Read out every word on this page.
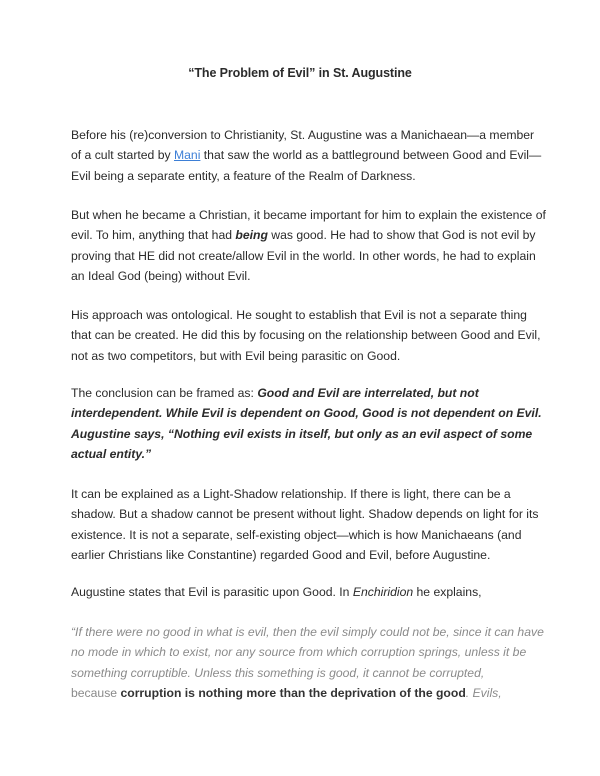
“The Problem of Evil” in St. Augustine

Before his (re)conversion to Christianity, St. Augustine was a Manichaean—a member
of a cult started by Mani that saw the world as a battleground between Good and Evil—
Evil being a separate entity, a feature of the Realm of Darkness.

But when he became a Christian, it became important for him to explain the existence of
evil. To him, anything that had being was good. He had to show that God is not evil by
proving that HE did not create/allow Evil in the world. In other words, he had to explain
an Ideal God (being) without Evil.

His approach was ontological. He sought to establish that Evil is not a separate thing
that can be created. He did this by focusing on the relationship between Good and Evil,
not as two competitors, but with Evil being parasitic on Good.

The conclusion can be framed as: Good and Evil are interrelated, but not
interdependent. While Evil is dependent on Good, Good is not dependent on Evil.
Augustine says, “Nothing evil exists in itself, but only as an evil aspect of some
actual entity.”

It can be explained as a Light-Shadow relationship. If there is light, there can be a
shadow. But a shadow cannot be present without light. Shadow depends on light for its
existence. It is not a separate, self-existing object—which is how Manichaeans (and
earlier Christians like Constantine) regarded Good and Evil, before Augustine.

Augustine states that Evil is parasitic upon Good. In Enchiridion he explains,

“If there were no good in what is evil, then the evil simply could not be, since it can have
no mode in which to exist, nor any source from which corruption springs, unless it be
something corruptible. Unless this something is good, it cannot be corrupted,
because corruption is nothing more than the deprivation of the good. Evils,
